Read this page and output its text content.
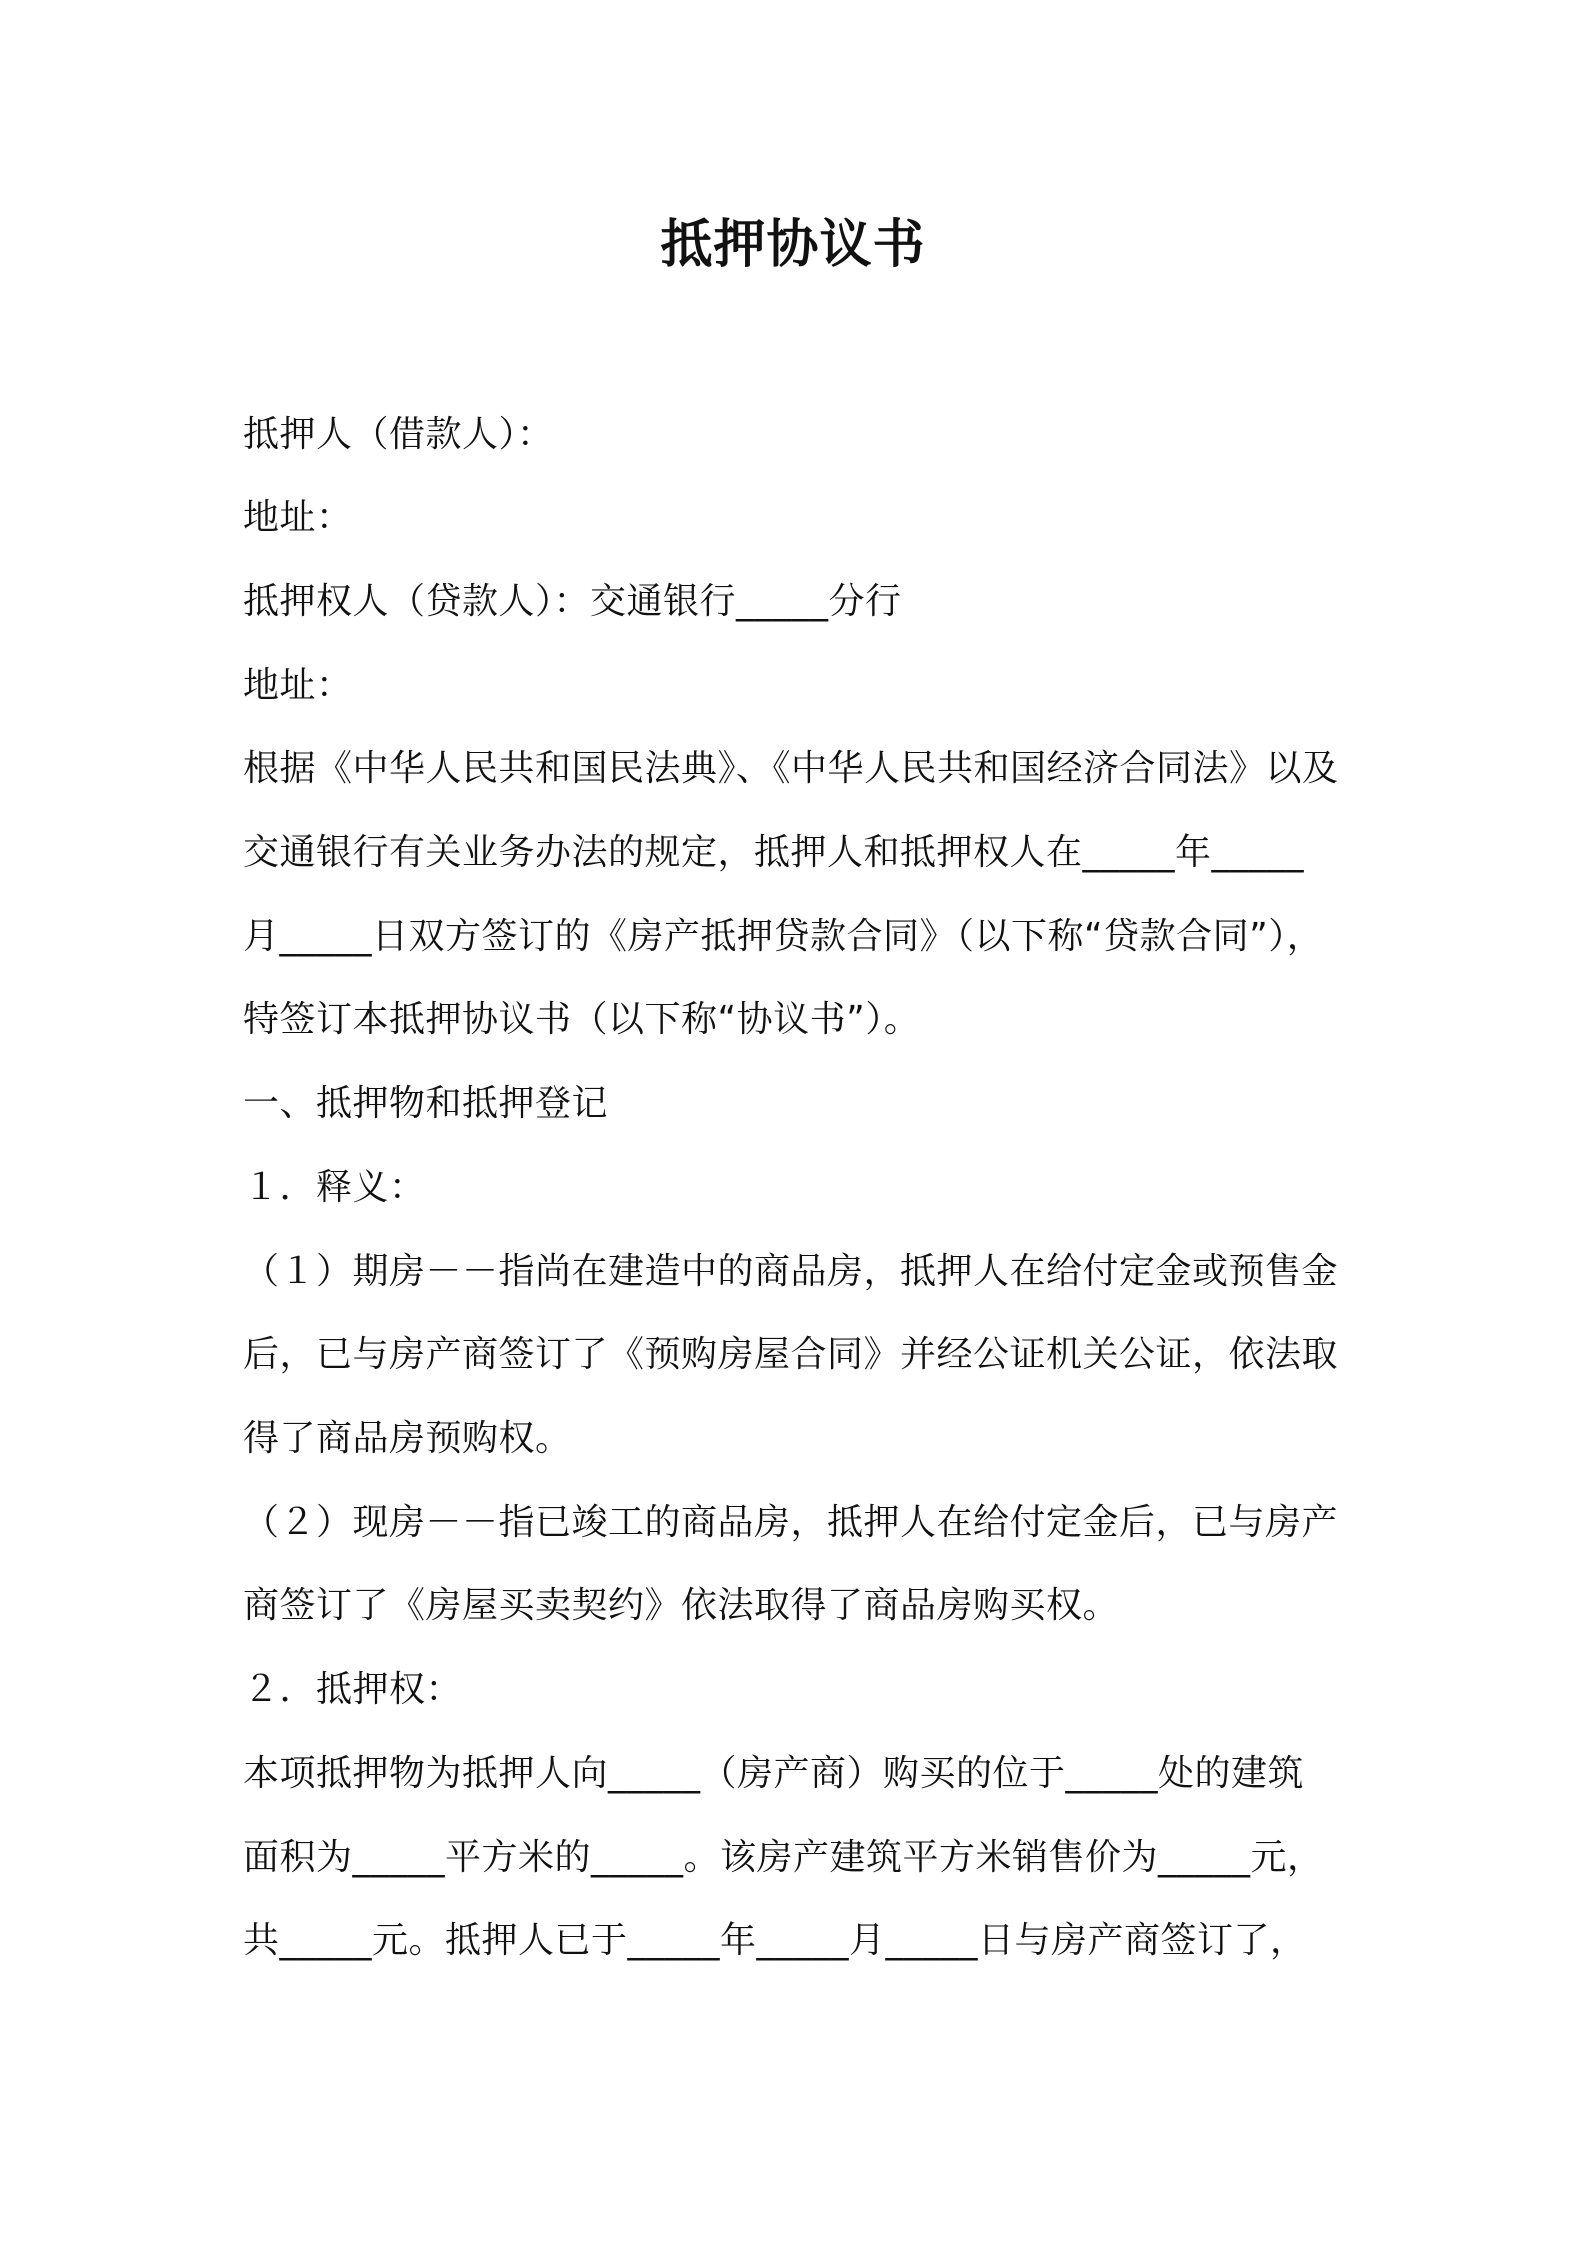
抵押协议书
抵押人（借款人）：
地址：
抵押权人（贷款人）：交通银行_____分行
地址：
根据《中华人民共和国民法典》、《中华人民共和国经济合同法》以及
交通银行有关业务办法的规定，抵押人和抵押权人在_____年_____
月_____日双方签订的《房产抵押贷款合同》（以下称“贷款合同”），
特签订本抵押协议书（以下称“协议书”）。
一、抵押物和抵押登记
１．释义：
（１）期房－－指尚在建造中的商品房，抵押人在给付定金或预售金
后，已与房产商签订了《预购房屋合同》并经公证机关公证，依法取
得了商品房预购权。
（２）现房－－指已竣工的商品房，抵押人在给付定金后，已与房产
商签订了《房屋买卖契约》依法取得了商品房购买权。
２．抵押权：
本项抵押物为抵押人向_____（房产商）购买的位于_____处的建筑
面积为_____平方米的_____。该房产建筑平方米销售价为_____元，
共_____元。抵押人已于_____年_____月_____日与房产商签订了，
